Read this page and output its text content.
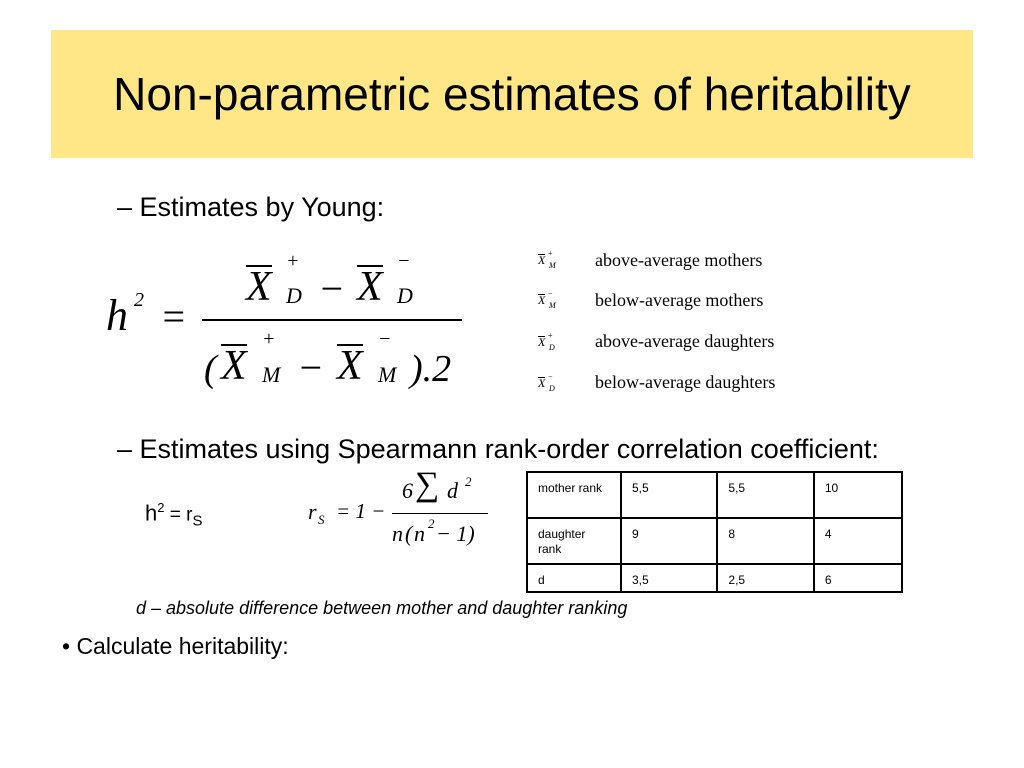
Non-parametric estimates of heritability
– Estimates by Young:
h 2 =
X
+
D − X
−
D
( X
+
M − X
−
M ).2
X +
M above-average mothers
X −
M below-average mothers
X +
D above-average daughters
X −
D below-average daughters
– Estimates using Spearmann rank-order correlation coefficient:
$h^2 = r_S$	r S = 1 −
6 ∑ d 2
n ( n 2 − 1)
mother rank	5,5	5,5	10
daughter rank	9	8	4
d	3,5	2,5	6
d – absolute difference between mother and daughter ranking
• Calculate heritability:
